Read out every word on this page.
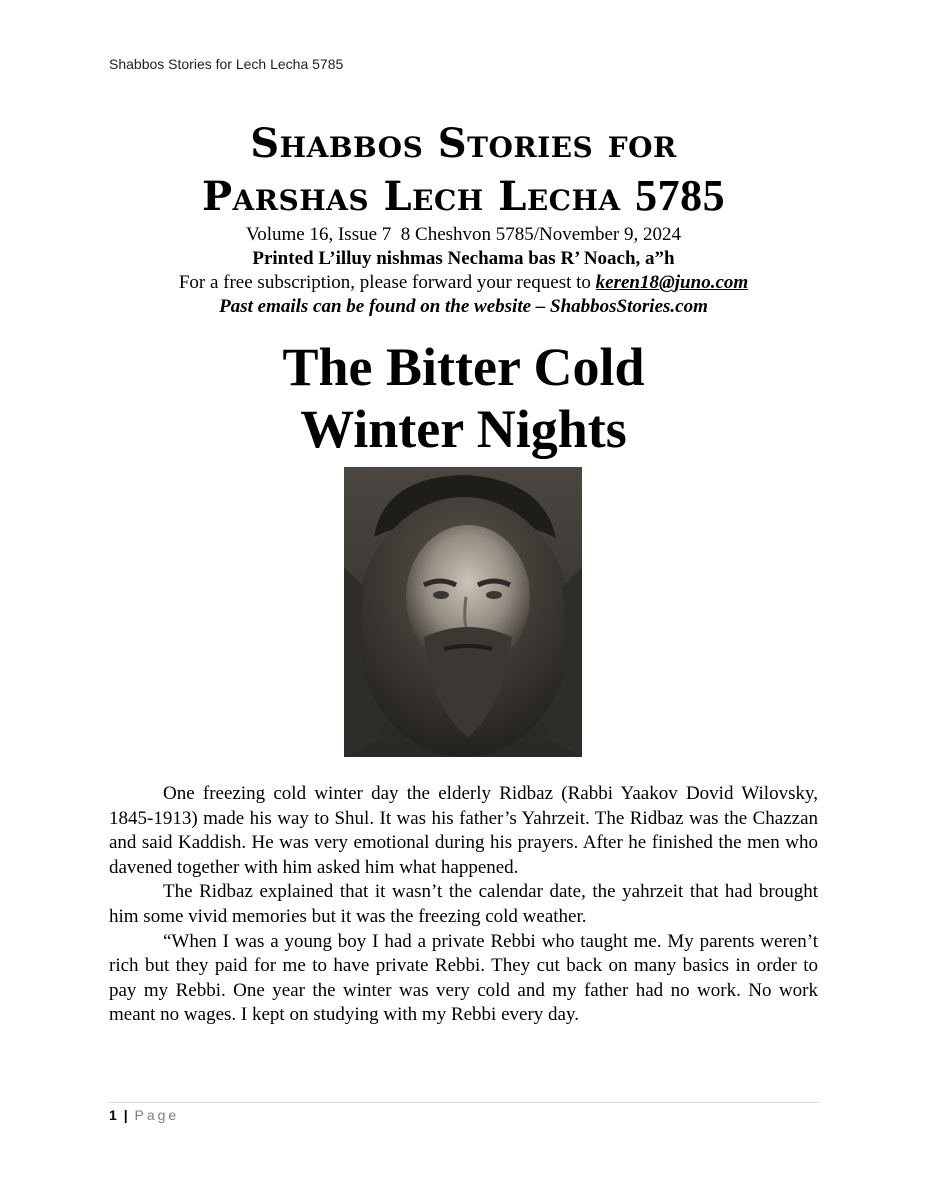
Shabbos Stories for Lech Lecha 5785
Shabbos Stories for
Parshas Lech Lecha 5785
Volume 16, Issue 7  8 Cheshvon 5785/November 9, 2024
Printed L’illuy nishmas Nechama bas R’ Noach, a”h
For a free subscription, please forward your request to keren18@juno.com
Past emails can be found on the website – ShabbosStories.com
The Bitter Cold
Winter Nights

One freezing cold winter day the elderly Ridbaz (Rabbi Yaakov Dovid Wilovsky, 1845-1913) made his way to Shul. It was his father’s Yahrzeit. The Ridbaz was the Chazzan and said Kaddish. He was very emotional during his prayers. After he finished the men who davened together with him asked him what happened.

The Ridbaz explained that it wasn’t the calendar date, the yahrzeit that had brought him some vivid memories but it was the freezing cold weather.

“When I was a young boy I had a private Rebbi who taught me. My parents weren’t rich but they paid for me to have private Rebbi. They cut back on many basics in order to pay my Rebbi. One year the winter was very cold and my father had no work. No work meant no wages. I kept on studying with my Rebbi every day.

1 | Page
